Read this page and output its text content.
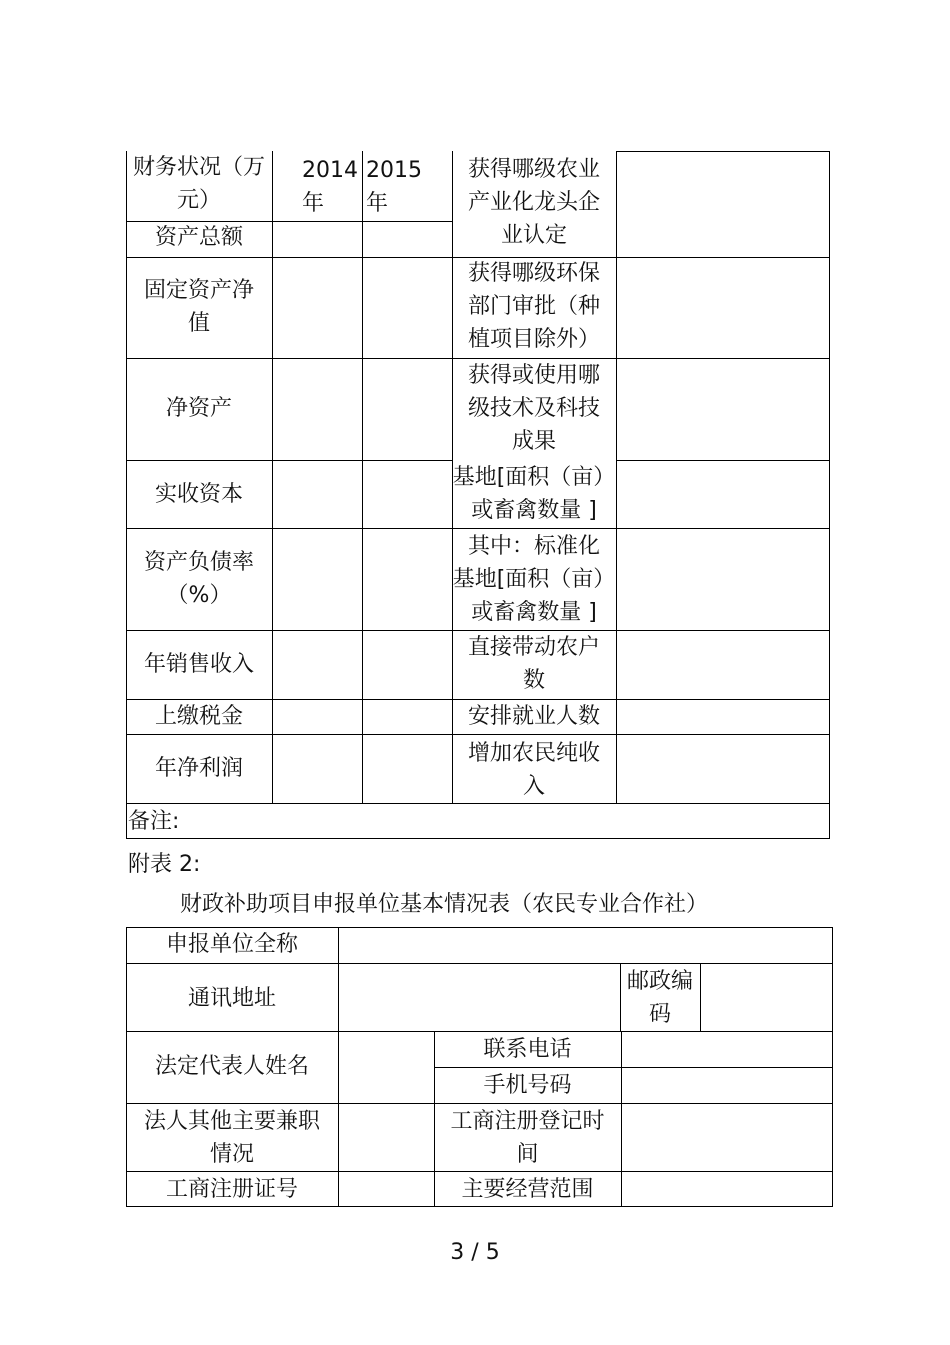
财务状况（万
元）
2014
年
2015
年
资产总额
固定资产净
值
净资产
实收资本
资产负债率
（%）
年销售收入
上缴税金
年净利润
获得哪级农业
产业化龙头企
业认定
获得哪级环保
部门审批（种
植项目除外）
获得或使用哪
级技术及科技
成果
基地[面积（亩）
或畜禽数量 ]
其中：标准化
基地[面积（亩）
或畜禽数量 ]
直接带动农户
数
安排就业人数
增加农民纯收
入
备注:
附表 2:
财政补助项目申报单位基本情况表（农民专业合作社）
申报单位全称
通讯地址
邮政编
码
法定代表人姓名
联系电话
手机号码
法人其他主要兼职
情况
工商注册登记时
间
工商注册证号	主要经营范围
3 / 5
